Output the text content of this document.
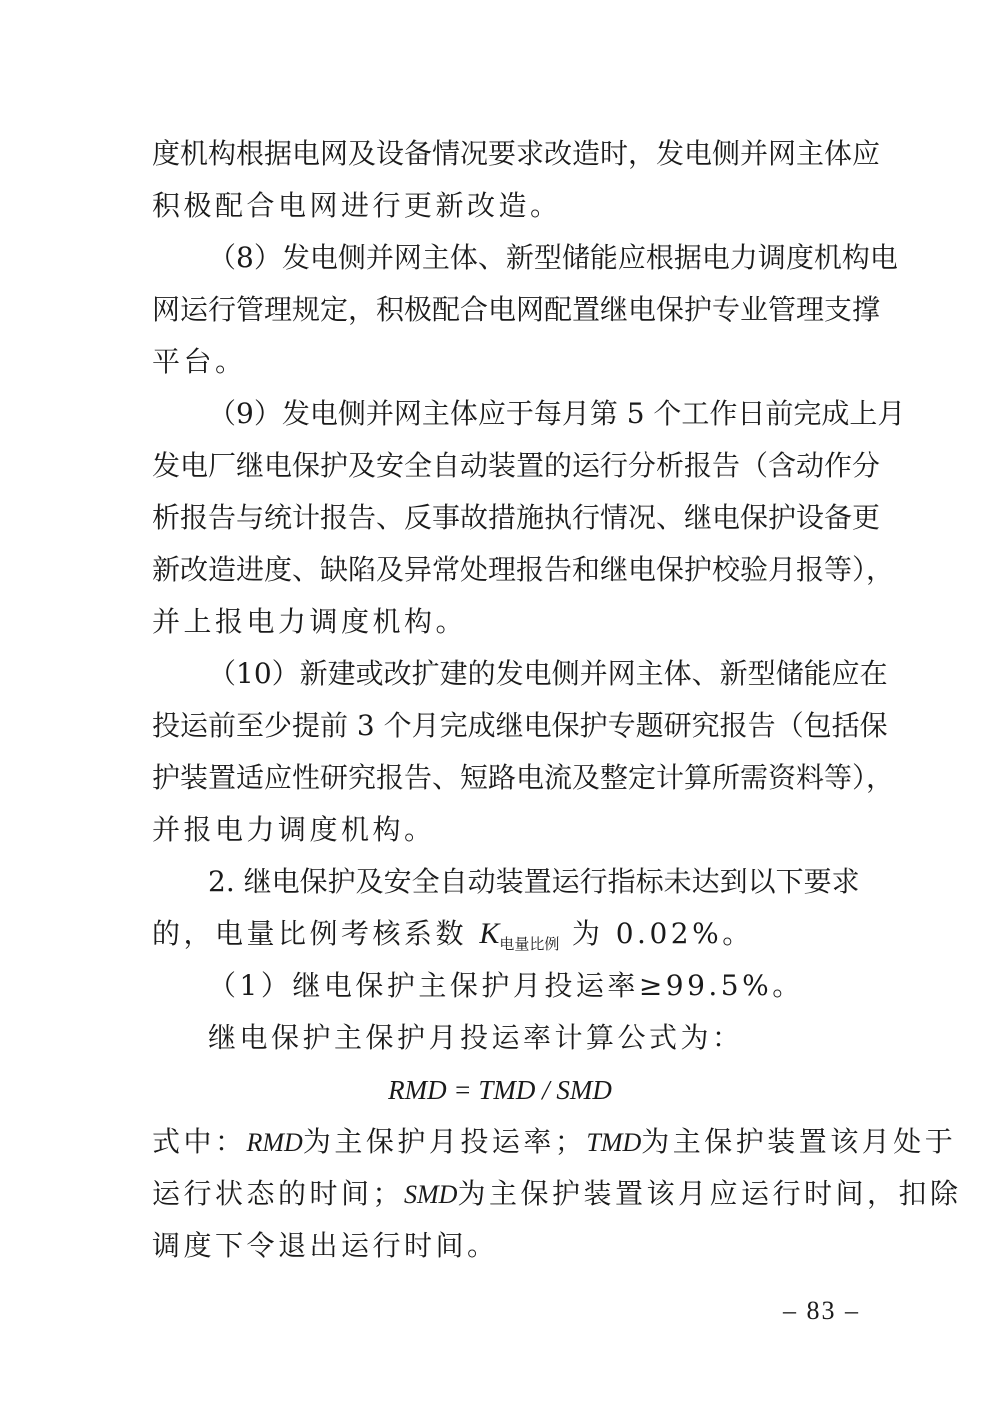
度机构根据电网及设备情况要求改造时，发电侧并网主体应
积极配合电网进行更新改造。
（8）发电侧并网主体、新型储能应根据电力调度机构电
网运行管理规定，积极配合电网配置继电保护专业管理支撑
平台。
（9）发电侧并网主体应于每月第 5 个工作日前完成上月
发电厂继电保护及安全自动装置的运行分析报告（含动作分
析报告与统计报告、反事故措施执行情况、继电保护设备更
新改造进度、缺陷及异常处理报告和继电保护校验月报等），
并上报电力调度机构。
（10）新建或改扩建的发电侧并网主体、新型储能应在
投运前至少提前 3 个月完成继电保护专题研究报告（包括保
护装置适应性研究报告、短路电流及整定计算所需资料等），
并报电力调度机构。
2. 继电保护及安全自动装置运行指标未达到以下要求
的，电量比例考核系数 $K_{电量比例}$ 为 0.02%。
（1）继电保护主保护月投运率≥99.5%。
继电保护主保护月投运率计算公式为：
RMD = TMD / SMD
式中：RMD为主保护月投运率；TMD为主保护装置该月处于
运行状态的时间；SMD为主保护装置该月应运行时间，扣除
调度下令退出运行时间。
– 83 –
